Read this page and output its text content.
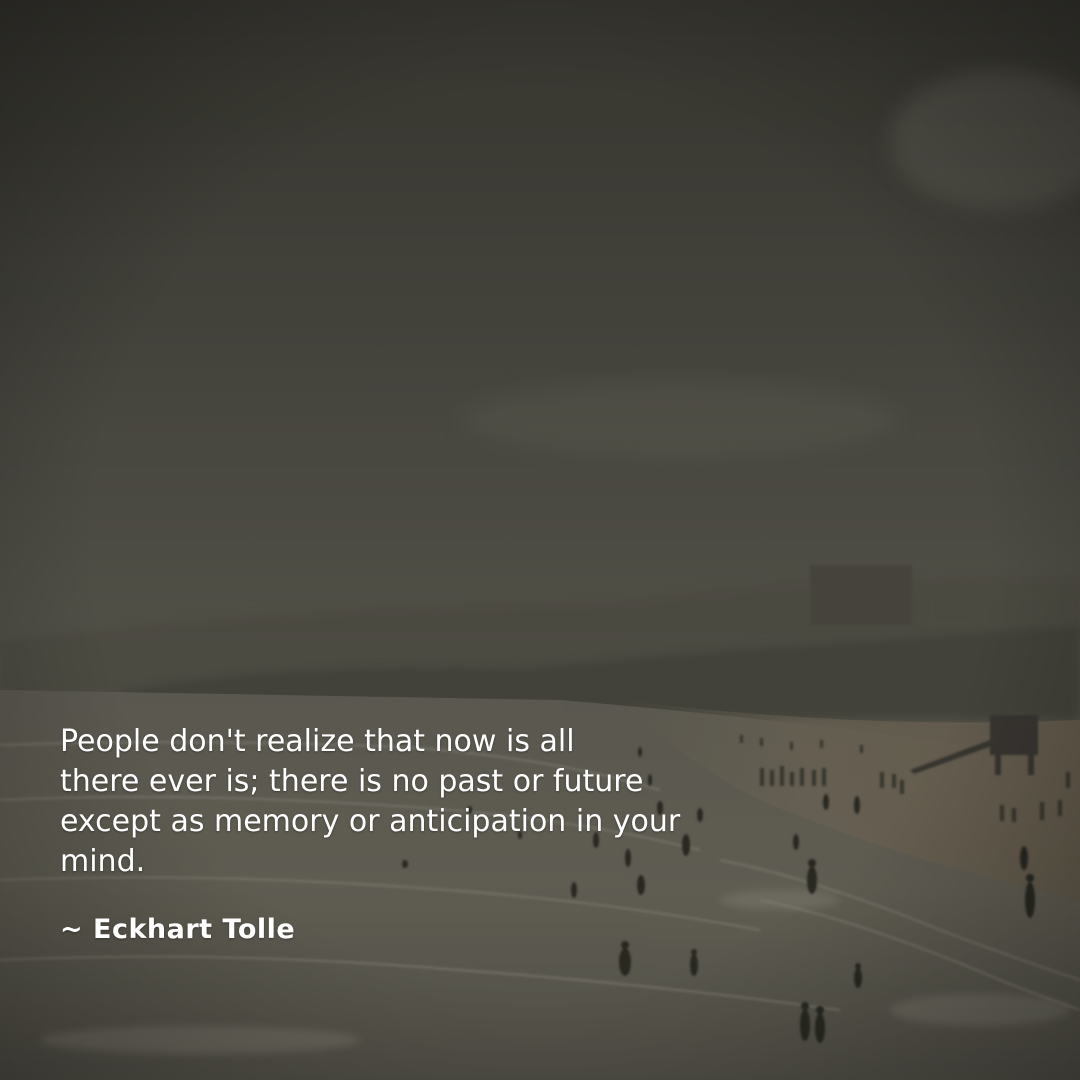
People don't realize that now is all
there ever is; there is no past or future
except as memory or anticipation in your
mind.

~ Eckhart Tolle
